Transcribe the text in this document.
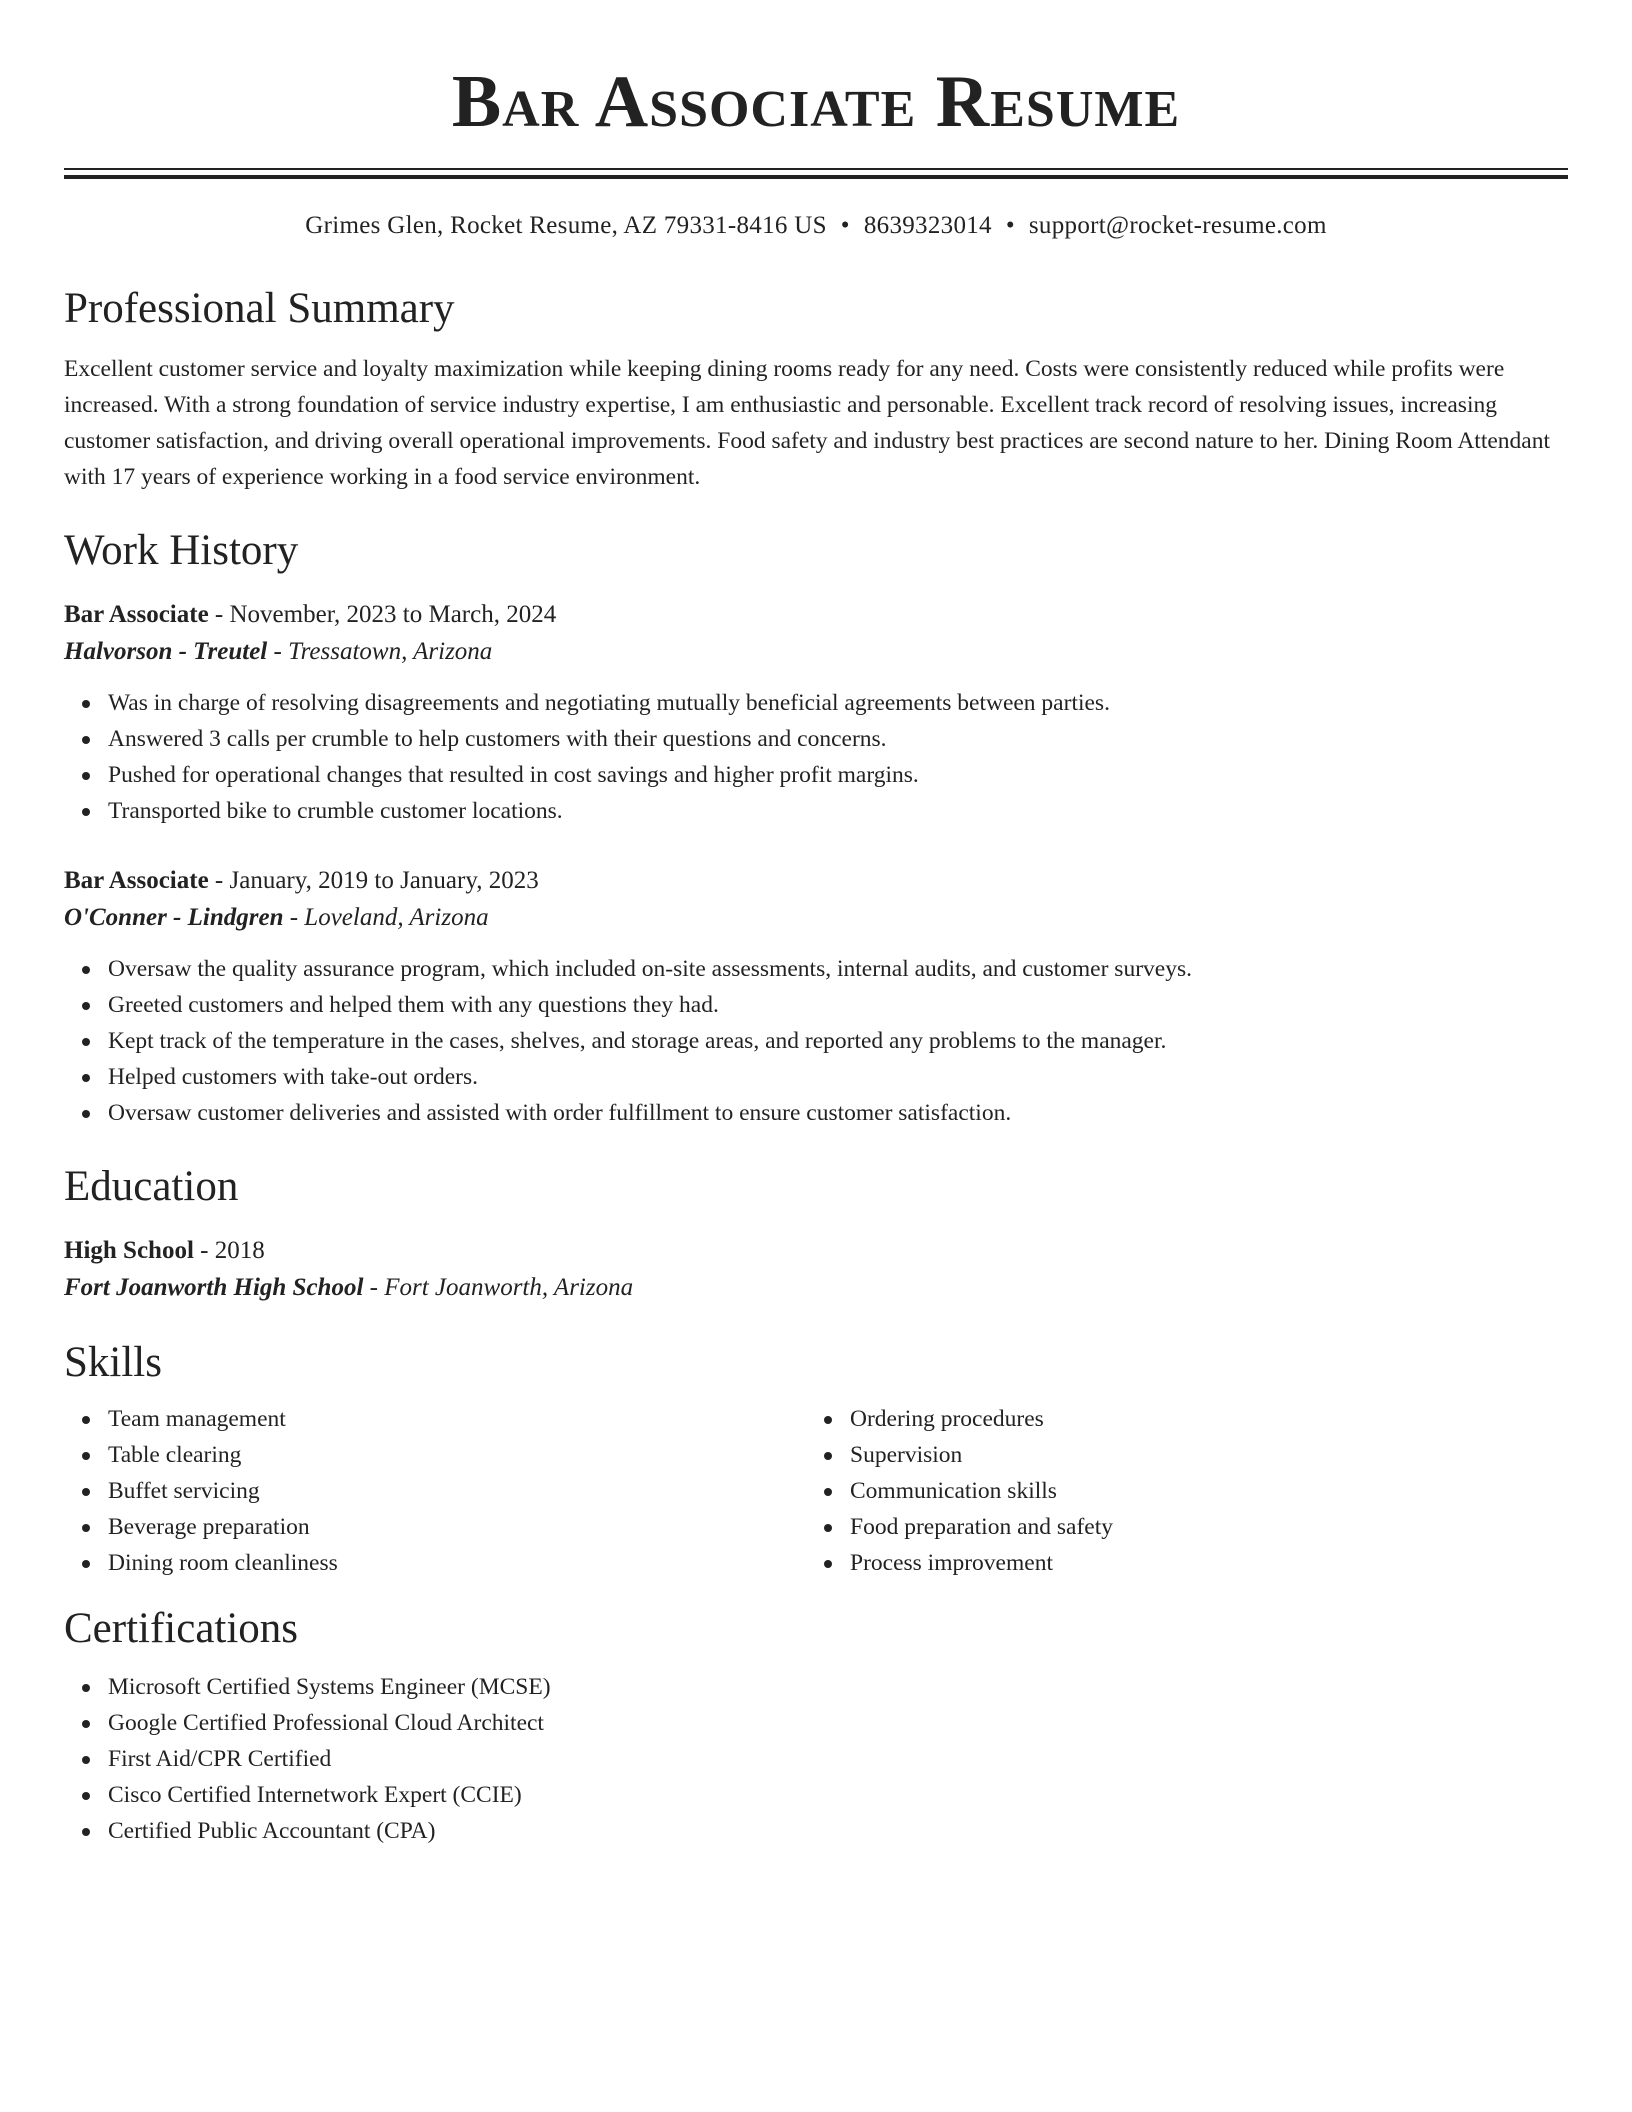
Bar Associate Resume
Grimes Glen, Rocket Resume, AZ 79331-8416 US • 8639323014 • support@rocket-resume.com
Professional Summary

Excellent customer service and loyalty maximization while keeping dining rooms ready for any need. Costs were consistently reduced while profits were increased. With a strong foundation of service industry expertise, I am enthusiastic and personable. Excellent track record of resolving issues, increasing customer satisfaction, and driving overall operational improvements. Food safety and industry best practices are second nature to her. Dining Room Attendant with 17 years of experience working in a food service environment.

Work History
Bar Associate - November, 2023 to March, 2024
Halvorson - Treutel - Tressatown, Arizona
Was in charge of resolving disagreements and negotiating mutually beneficial agreements between parties.
Answered 3 calls per crumble to help customers with their questions and concerns.
Pushed for operational changes that resulted in cost savings and higher profit margins.
Transported bike to crumble customer locations.
Bar Associate - January, 2019 to January, 2023
O'Conner - Lindgren - Loveland, Arizona
Oversaw the quality assurance program, which included on-site assessments, internal audits, and customer surveys.
Greeted customers and helped them with any questions they had.
Kept track of the temperature in the cases, shelves, and storage areas, and reported any problems to the manager.
Helped customers with take-out orders.
Oversaw customer deliveries and assisted with order fulfillment to ensure customer satisfaction.
Education
High School - 2018
Fort Joanworth High School - Fort Joanworth, Arizona
Skills
Team management
Table clearing
Buffet servicing
Beverage preparation
Dining room cleanliness
Ordering procedures
Supervision
Communication skills
Food preparation and safety
Process improvement
Certifications
Microsoft Certified Systems Engineer (MCSE)
Google Certified Professional Cloud Architect
First Aid/CPR Certified
Cisco Certified Internetwork Expert (CCIE)
Certified Public Accountant (CPA)
